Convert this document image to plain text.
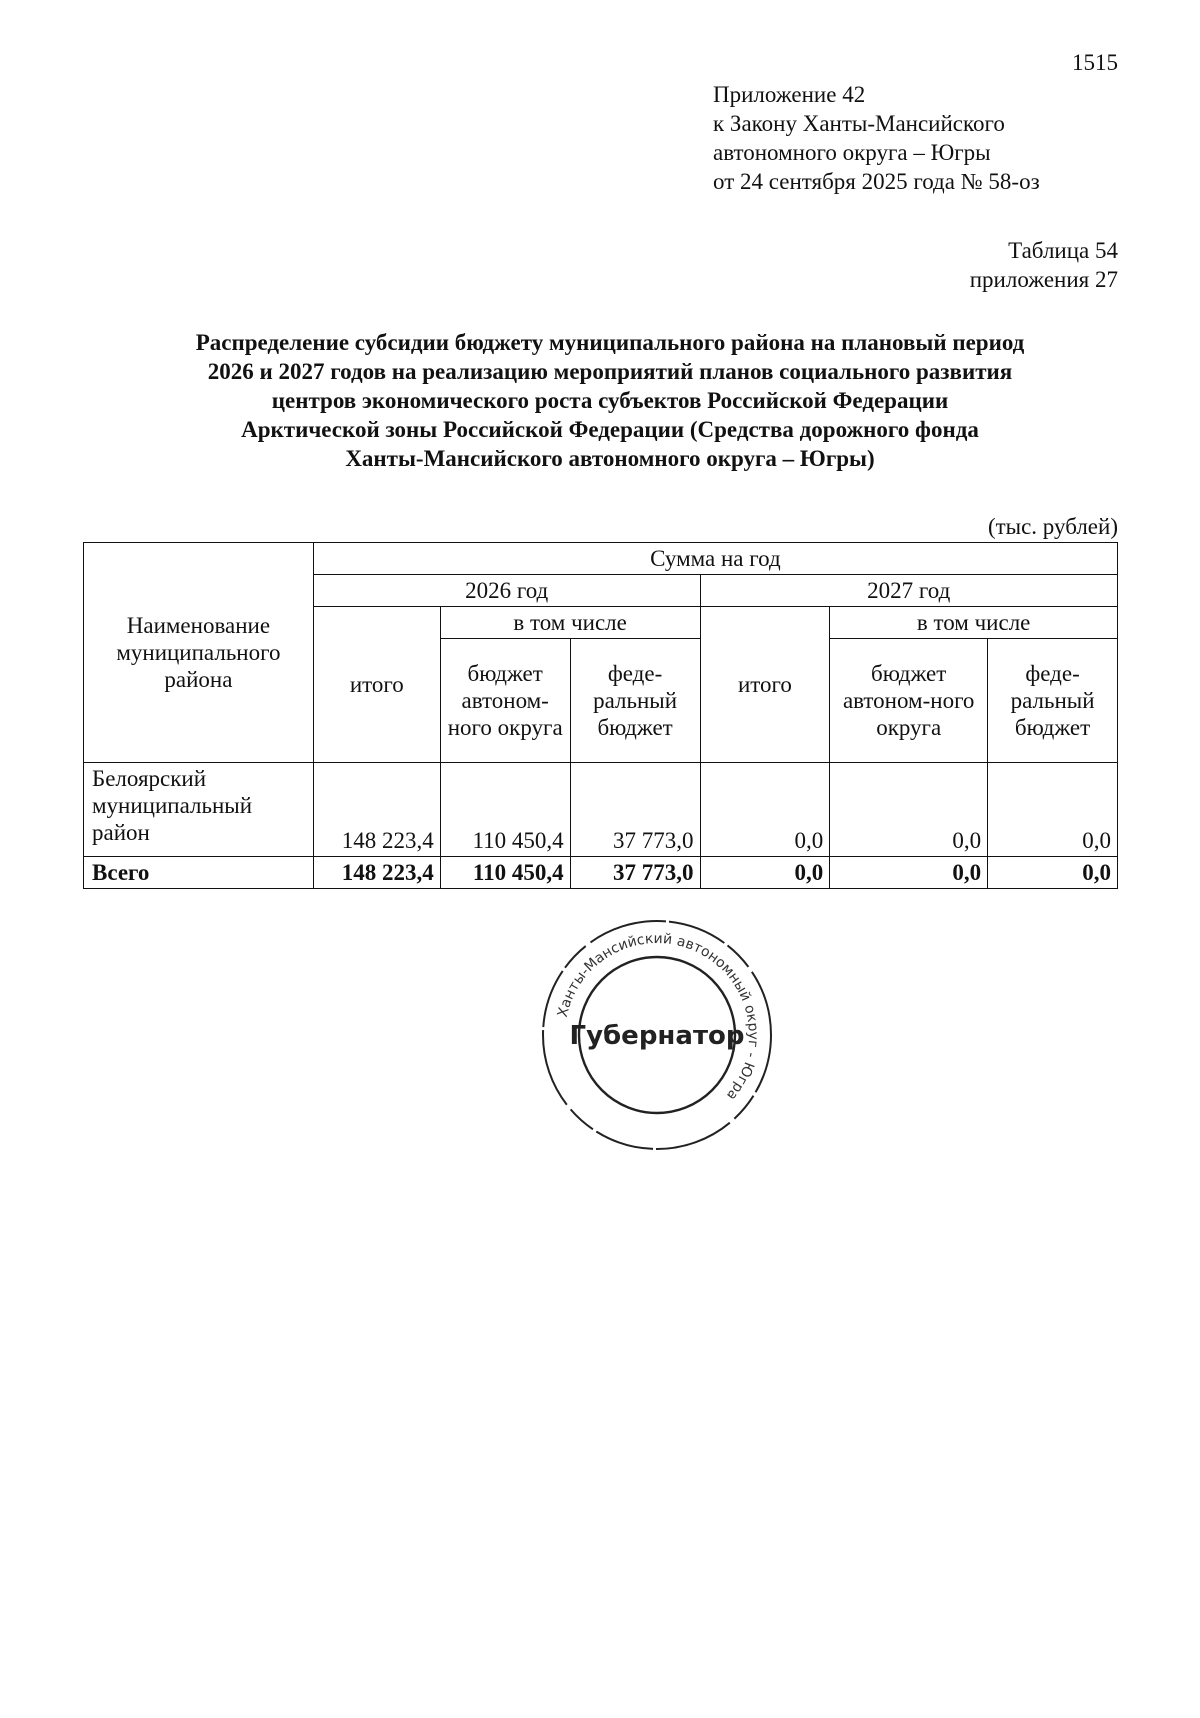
1515
Приложение 42
к Закону Ханты-Мансийского
автономного округа – Югры
от 24 сентября 2025 года № 58-оз
Таблица 54
приложения 27
Распределение субсидии бюджету муниципального района на плановый период
2026 и 2027 годов на реализацию мероприятий планов социального развития
центров экономического роста субъектов Российской Федерации
Арктической зоны Российской Федерации (Средства дорожного фонда
Ханты-Мансийского автономного округа – Югры)
(тыс. рублей)
Наименование муниципального района	Сумма на год					
	2026 год			2027 год		
	итого	в том числе		итого	в том числе	
		бюджет автоном-ного округа	феде-ральный бюджет		бюджет автоном-ного округа	феде-ральный бюджет
Белоярский муниципальный район	148 223,4	110 450,4	37 773,0	0,0	0,0	0,0
Всего	148 223,4	110 450,4	37 773,0	0,0	0,0	0,0
Ханты-Мансийский автономный округ - Югра
Губернатор
